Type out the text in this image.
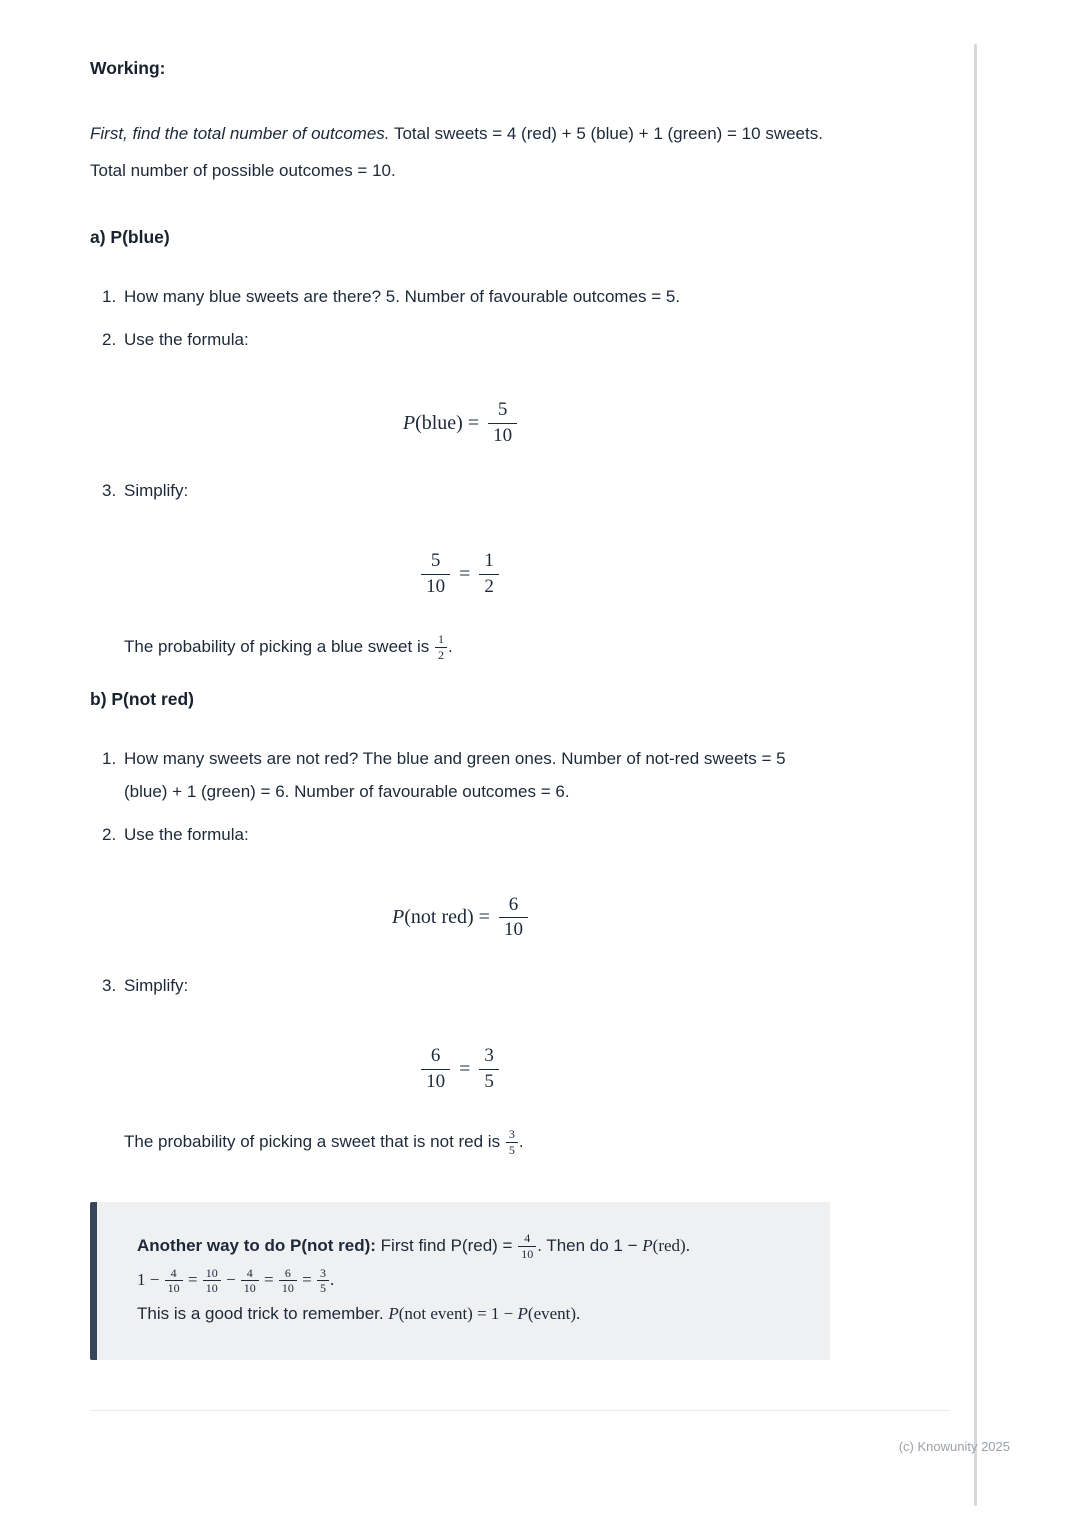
Working:

First, find the total number of outcomes. Total sweets = 4 (red) + 5 (blue) + 1 (green) = 10 sweets. Total number of possible outcomes = 10.

a) P(blue)
1. How many blue sweets are there? 5. Number of favourable outcomes = 5.
2. Use the formula:
P(blue) = $\frac{5}{10}$
3. Simplify:
$\frac{5}{10} = \frac{1}{2}$

The probability of picking a blue sweet is $\frac{1}{2}$ .

b) P(not red)
1. How many sweets are not red? The blue and green ones. Number of not-red sweets = 5 (blue) + 1 (green) = 6. Number of favourable outcomes = 6.
2. Use the formula:
P(not $red) = \frac{6}{10}$
3. Simplify:
$\frac{6}{10} = \frac{3}{5}$

The probability of picking a sweet that is not red is $\frac{3}{5}$ .

Another way to do P(not red): First find $P(red) = \frac{4}{10}$ . Then do 1 − P(red).

$1 - \frac{4}{10} = \frac{10}{10} - \frac{4}{10} = \frac{6}{10} = \frac{3}{5}$ .

This is a good trick to remember. P(not event) = 1 − P(event).

(c) Knowunity 2025
